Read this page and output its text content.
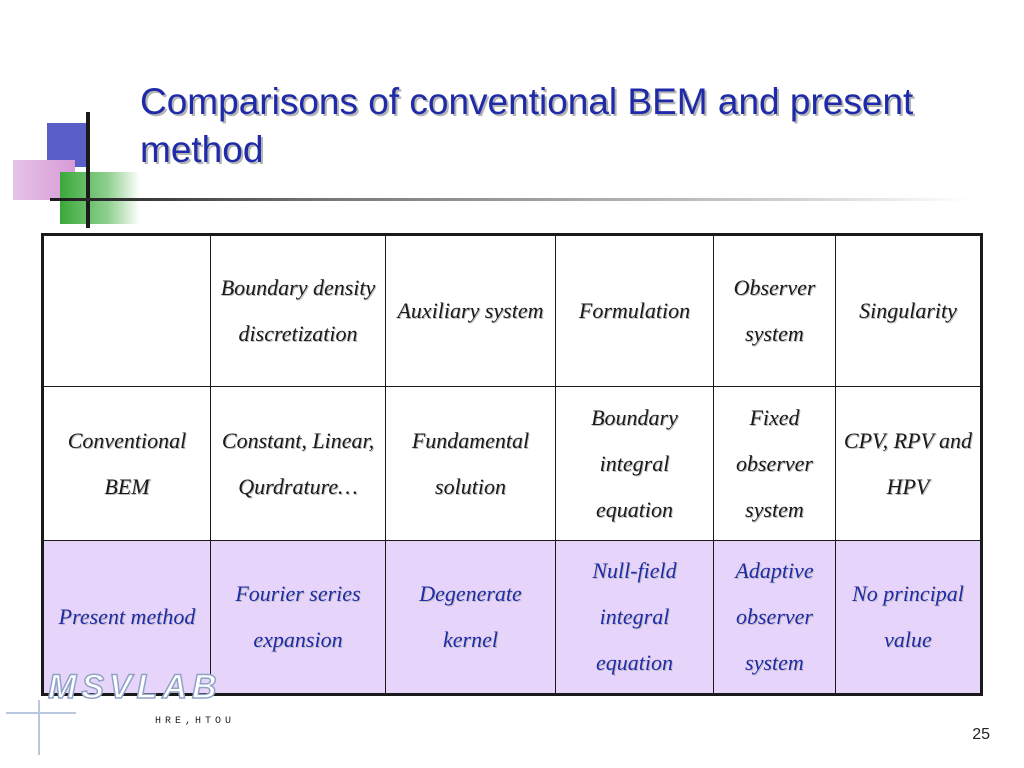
Comparisons of conventional BEM and present method
	Boundary density discretization	Auxiliary system	Formulation	Observer system	Singularity
Conventional BEM	Constant, Linear, Qurdrature…	Fundamental solution	Boundary integral equation	Fixed observer system	CPV, RPV and HPV
Present method	Fourier series expansion	Degenerate kernel	Null-field integral equation	Adaptive observer system	No principal value

MSVLAB

HRE,HTOU

25
